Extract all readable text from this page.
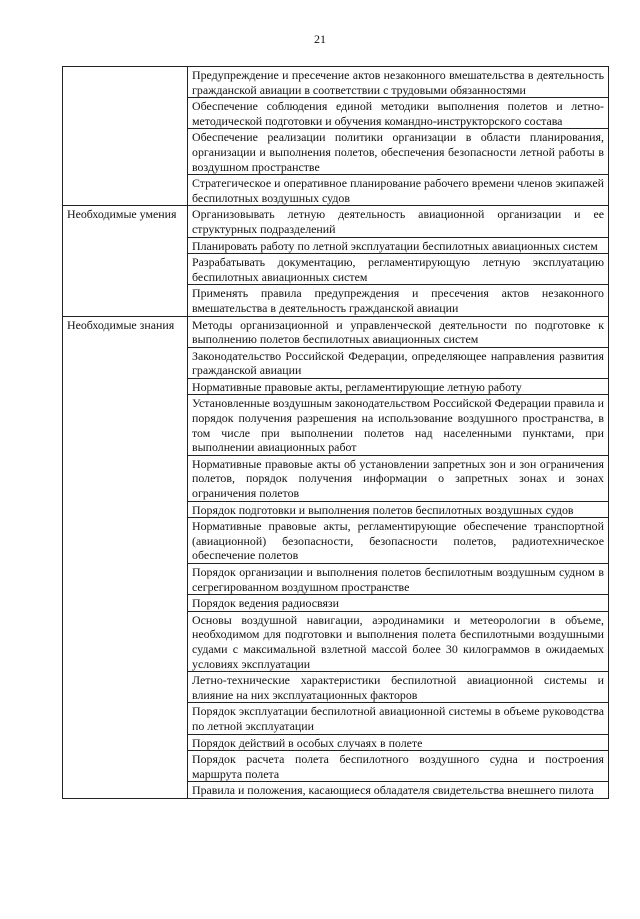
21
	Предупреждение и пресечение актов незаконного вмешательства в деятельность гражданской авиации в соответствии с трудовыми обязанностями
	Обеспечение соблюдения единой методики выполнения полетов и летно-методической подготовки и обучения командно-инструкторского состава
	Обеспечение реализации политики организации в области планирования, организации и выполнения полетов, обеспечения безопасности летной работы в воздушном пространстве
	Стратегическое и оперативное планирование рабочего времени членов экипажей беспилотных воздушных судов
Необходимые умения	Организовывать летную деятельность авиационной организации и ее структурных подразделений
	Планировать работу по летной эксплуатации беспилотных авиационных систем
	Разрабатывать документацию, регламентирующую летную эксплуатацию беспилотных авиационных систем
	Применять правила предупреждения и пресечения актов незаконного вмешательства в деятельность гражданской авиации
Необходимые знания	Методы организационной и управленческой деятельности по подготовке к выполнению полетов беспилотных авиационных систем
	Законодательство Российской Федерации, определяющее направления развития гражданской авиации
	Нормативные правовые акты, регламентирующие летную работу
	Установленные воздушным законодательством Российской Федерации правила и порядок получения разрешения на использование воздушного пространства, в том числе при выполнении полетов над населенными пунктами, при выполнении авиационных работ
	Нормативные правовые акты об установлении запретных зон и зон ограничения полетов, порядок получения информации о запретных зонах и зонах ограничения полетов
	Порядок подготовки и выполнения полетов беспилотных воздушных судов
	Нормативные правовые акты, регламентирующие обеспечение транспортной (авиационной) безопасности, безопасности полетов, радиотехническое обеспечение полетов
	Порядок организации и выполнения полетов беспилотным воздушным судном в сегрегированном воздушном пространстве
	Порядок ведения радиосвязи
	Основы воздушной навигации, аэродинамики и метеорологии в объеме, необходимом для подготовки и выполнения полета беспилотными воздушными судами с максимальной взлетной массой более 30 килограммов в ожидаемых условиях эксплуатации
	Летно-технические характеристики беспилотной авиационной системы и влияние на них эксплуатационных факторов
	Порядок эксплуатации беспилотной авиационной системы в объеме руководства по летной эксплуатации
	Порядок действий в особых случаях в полете
	Порядок расчета полета беспилотного воздушного судна и построения маршрута полета
	Правила и положения, касающиеся обладателя свидетельства внешнего пилота
